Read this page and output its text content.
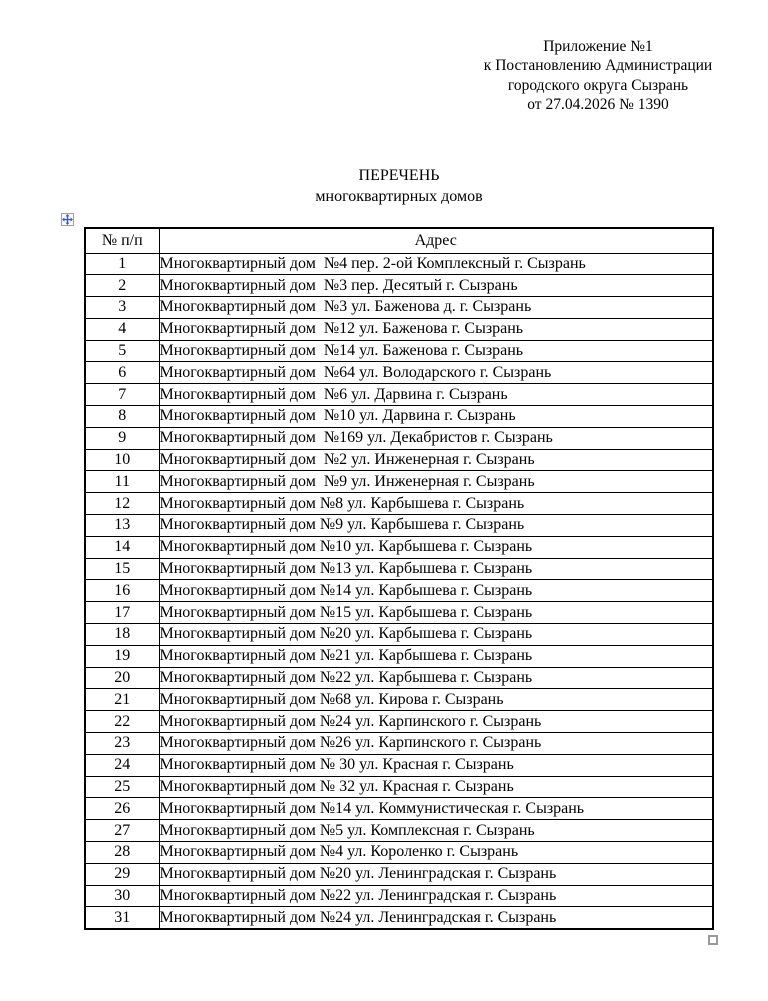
Приложение №1
к Постановлению Администрации
городского округа Сызрань
от 27.04.2026 № 1390
ПЕРЕЧЕНЬ
многоквартирных домов
№ п/п	Адрес
1	Многоквартирный дом  №4 пер. 2-ой Комплексный г. Сызрань
2	Многоквартирный дом  №3 пер. Десятый г. Сызрань
3	Многоквартирный дом  №3 ул. Баженова д. г. Сызрань
4	Многоквартирный дом  №12 ул. Баженова г. Сызрань
5	Многоквартирный дом  №14 ул. Баженова г. Сызрань
6	Многоквартирный дом  №64 ул. Володарского г. Сызрань
7	Многоквартирный дом  №6 ул. Дарвина г. Сызрань
8	Многоквартирный дом  №10 ул. Дарвина г. Сызрань
9	Многоквартирный дом  №169 ул. Декабристов г. Сызрань
10	Многоквартирный дом  №2 ул. Инженерная г. Сызрань
11	Многоквартирный дом  №9 ул. Инженерная г. Сызрань
12	Многоквартирный дом №8 ул. Карбышева г. Сызрань
13	Многоквартирный дом №9 ул. Карбышева г. Сызрань
14	Многоквартирный дом №10 ул. Карбышева г. Сызрань
15	Многоквартирный дом №13 ул. Карбышева г. Сызрань
16	Многоквартирный дом №14 ул. Карбышева г. Сызрань
17	Многоквартирный дом №15 ул. Карбышева г. Сызрань
18	Многоквартирный дом №20 ул. Карбышева г. Сызрань
19	Многоквартирный дом №21 ул. Карбышева г. Сызрань
20	Многоквартирный дом №22 ул. Карбышева г. Сызрань
21	Многоквартирный дом №68 ул. Кирова г. Сызрань
22	Многоквартирный дом №24 ул. Карпинского г. Сызрань
23	Многоквартирный дом №26 ул. Карпинского г. Сызрань
24	Многоквартирный дом № 30 ул. Красная г. Сызрань
25	Многоквартирный дом № 32 ул. Красная г. Сызрань
26	Многоквартирный дом №14 ул. Коммунистическая г. Сызрань
27	Многоквартирный дом №5 ул. Комплексная г. Сызрань
28	Многоквартирный дом №4 ул. Короленко г. Сызрань
29	Многоквартирный дом №20 ул. Ленинградская г. Сызрань
30	Многоквартирный дом №22 ул. Ленинградская г. Сызрань
31	Многоквартирный дом №24 ул. Ленинградская г. Сызрань
